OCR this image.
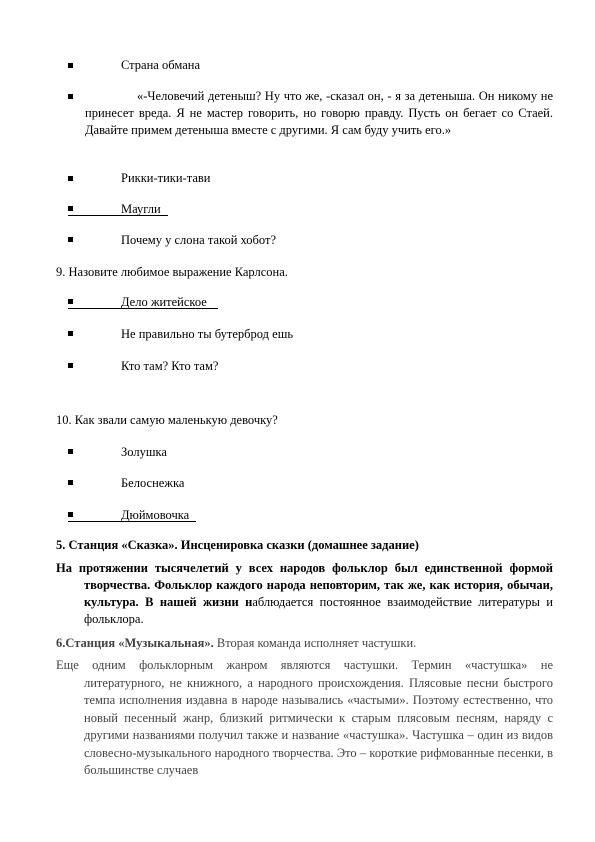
Страна обмана
«-Человечий детеныш? Ну что же, -сказал он, - я за детеныша. Он никому не принесет вреда. Я не мастер говорить, но говорю правду. Пусть он бегает со Стаей. Давайте примем детеныша вместе с другими. Я сам буду учить его.»
Рикки-тики-тави
Маугли
Почему у слона такой хобот?
9. Назовите любимое выражение Карлсона.
Дело житейское
Не правильно ты бутерброд ешь
Кто там? Кто там?
10. Как звали самую маленькую девочку?
Золушка
Белоснежка
Дюймовочка
5. Станция «Сказка». Инсценировка сказки (домашнее задание)
На протяжении тысячелетий у всех народов фольклор был единственной формой творчества. Фольклор каждого народа неповторим, так же, как история, обычаи, культура. В нашей жизни наблюдается постоянное взаимодействие литературы и фольклора.
6.Станция «Музыкальная». Вторая команда исполняет частушки.
Еще одним фольклорным жанром являются частушки. Термин «частушка» не литературного, не книжного, а народного происхождения. Плясовые песни быстрого темпа исполнения издавна в народе назывались «частыми». Поэтому естественно, что новый песенный жанр, близкий ритмически к старым плясовым песням, наряду с другими названиями получил также и название «частушка». Частушка – один из видов словесно-музыкального народного творчества. Это – короткие рифмованные песенки, в большинстве случаев
